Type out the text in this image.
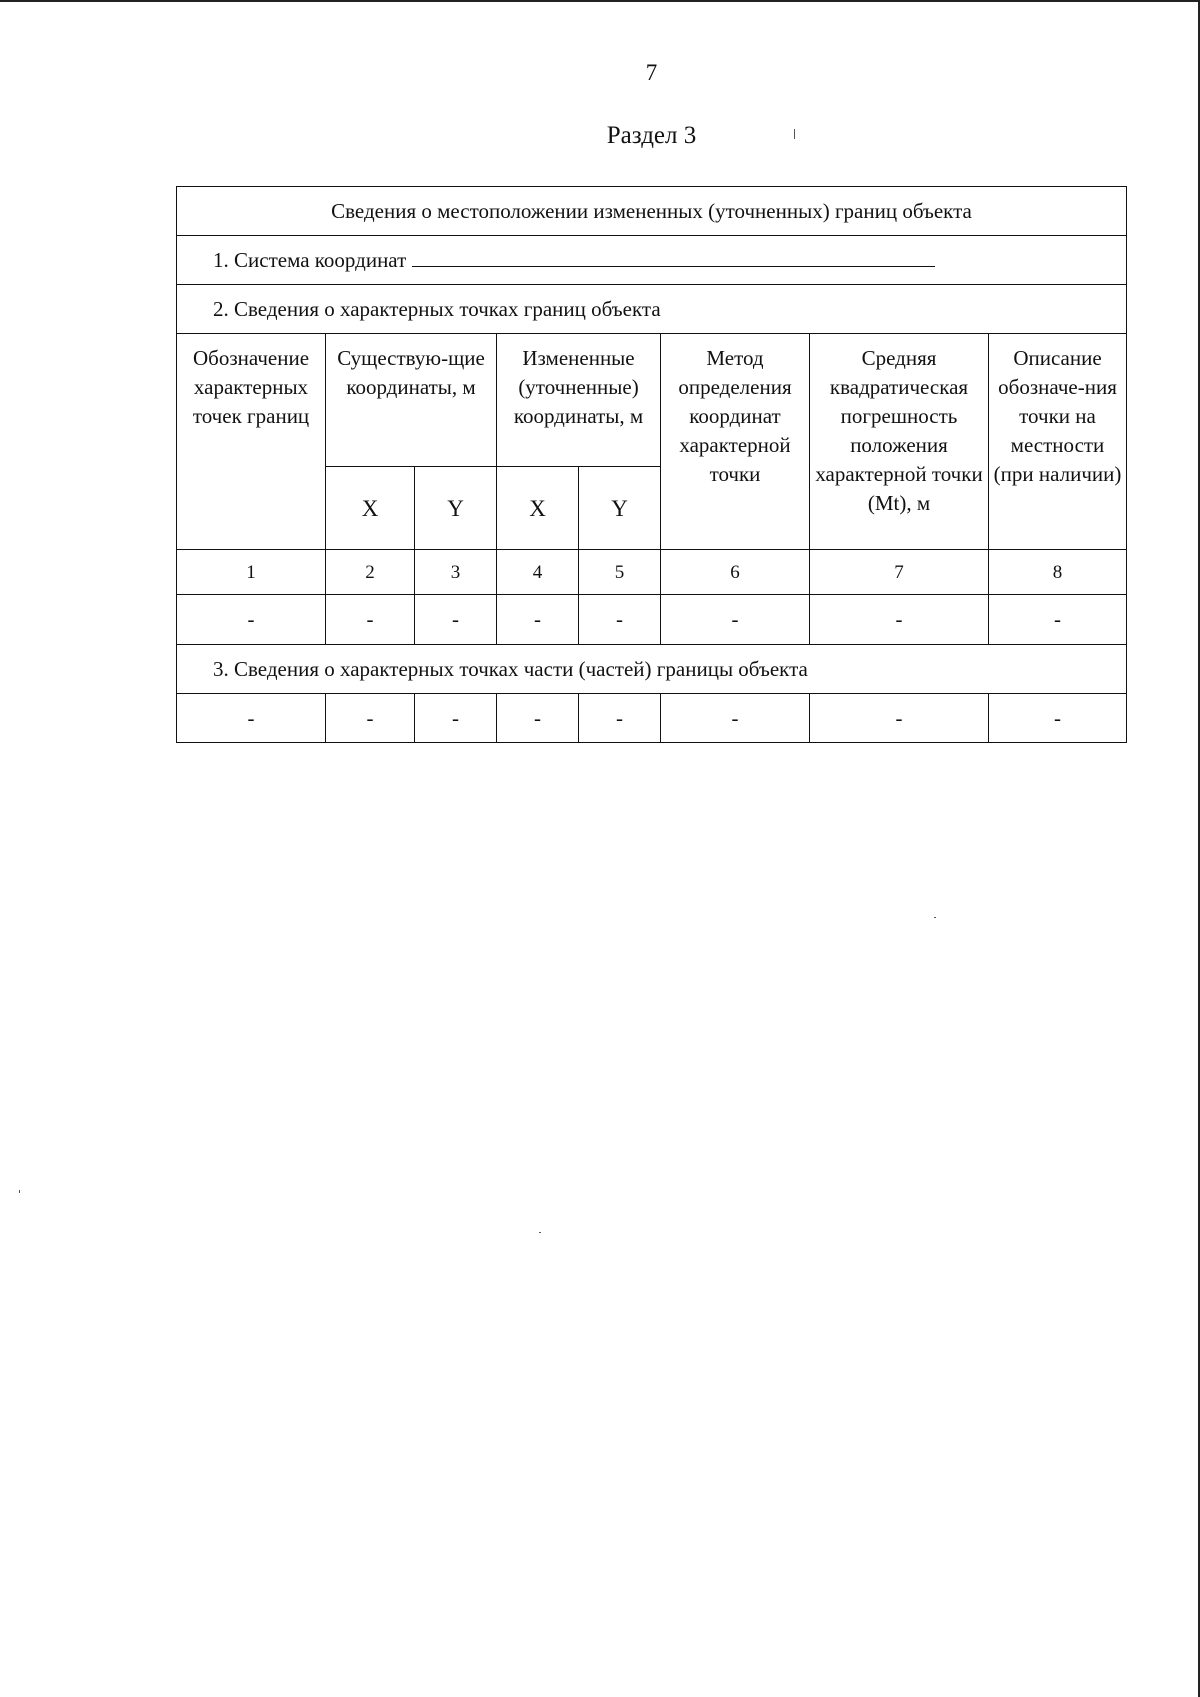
7
Раздел 3
Сведения о местоположении измененных (уточненных) границ объекта							
1. Система координат							
2. Сведения о характерных точках границ объекта							
Обозначение характерных точек границ	Существую-щие координаты, м		Измененные (уточненные) координаты, м		Метод определения координат характерной точки	Средняя квадратическая погрешность положения характерной точки (Mt), м	Описание обозначе-ния точки на местности (при наличии)
	X	Y	X	Y			
1	2	3	4	5	6	7	8
-	-	-	-	-	-	-	-
3. Сведения о характерных точках части (частей) границы объекта							
-	-	-	-	-	-	-	-
